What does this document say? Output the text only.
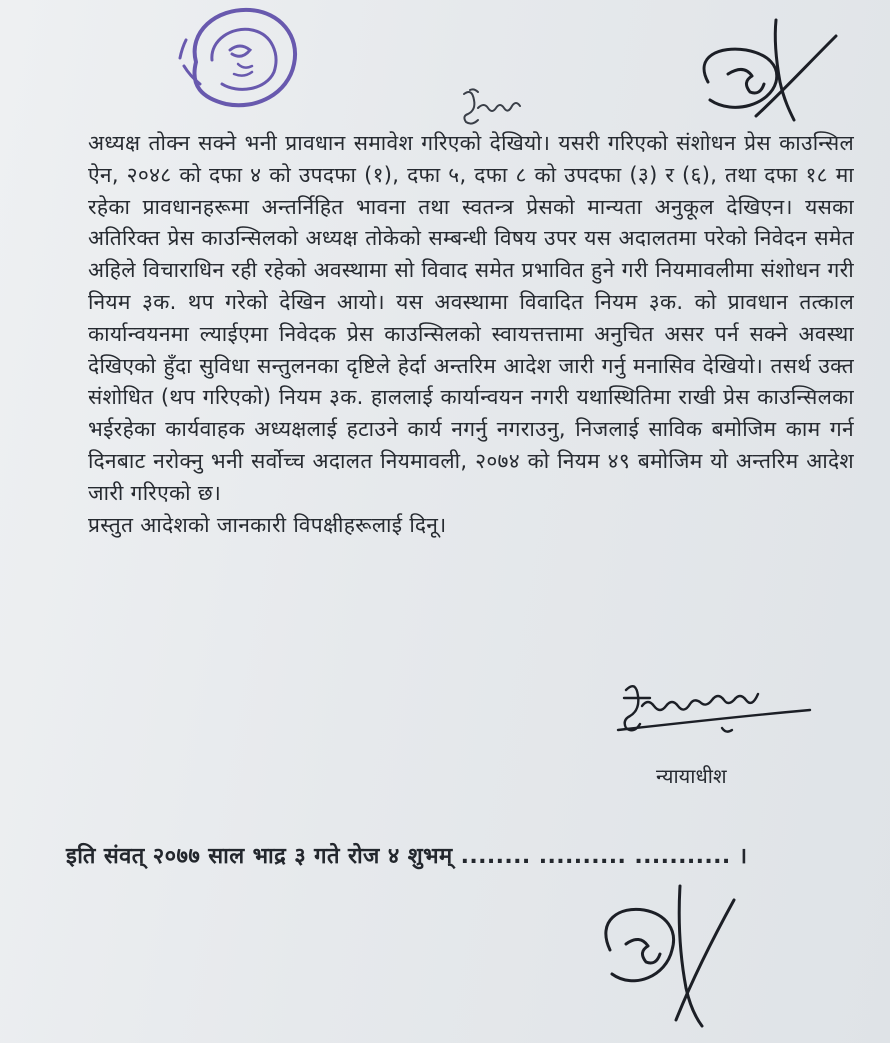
अध्यक्ष तोक्न सक्ने भनी प्रावधान समावेश गरिएको देखियो। यसरी गरिएको संशोधन प्रेस काउन्सिल ऐन, २०४८ को दफा ४ को उपदफा (१), दफा ५, दफा ८ को उपदफा (३) र (६), तथा दफा १८ मा रहेका प्रावधानहरूमा अन्तर्निहित भावना तथा स्वतन्त्र प्रेसको मान्यता अनुकूल देखिएन। यसका अतिरिक्त प्रेस काउन्सिलको अध्यक्ष तोकेको सम्बन्धी विषय उपर यस अदालतमा परेको निवेदन समेत अहिले विचाराधिन रही रहेको अवस्थामा सो विवाद समेत प्रभावित हुने गरी नियमावलीमा संशोधन गरी नियम ३क. थप गरेको देखिन आयो। यस अवस्थामा विवादित नियम ३क. को प्रावधान तत्काल कार्यान्वयनमा ल्याईएमा निवेदक प्रेस काउन्सिलको स्वायत्तत्तामा अनुचित असर पर्न सक्ने अवस्था देखिएको हुँदा सुविधा सन्तुलनका दृष्टिले हेर्दा अन्तरिम आदेश जारी गर्नु मनासिव देखियो। तसर्थ उक्त संशोधित (थप गरिएको) नियम ३क. हाललाई कार्यान्वयन नगरी यथास्थितिमा राखी प्रेस काउन्सिलका भईरहेका कार्यवाहक अध्यक्षलाई हटाउने कार्य नगर्नु नगराउनु, निजलाई साविक बमोजिम काम गर्न दिनबाट नरोक्नु भनी सर्वोच्च अदालत नियमावली, २०७४ को नियम ४९ बमोजिम यो अन्तरिम आदेश जारी गरिएको छ।
प्रस्तुत आदेशको जानकारी विपक्षीहरूलाई दिनू।
न्यायाधीश
इति संवत् २०७७ साल भाद्र ३ गते रोज ४ शुभम् ........ .......... ........... ।
